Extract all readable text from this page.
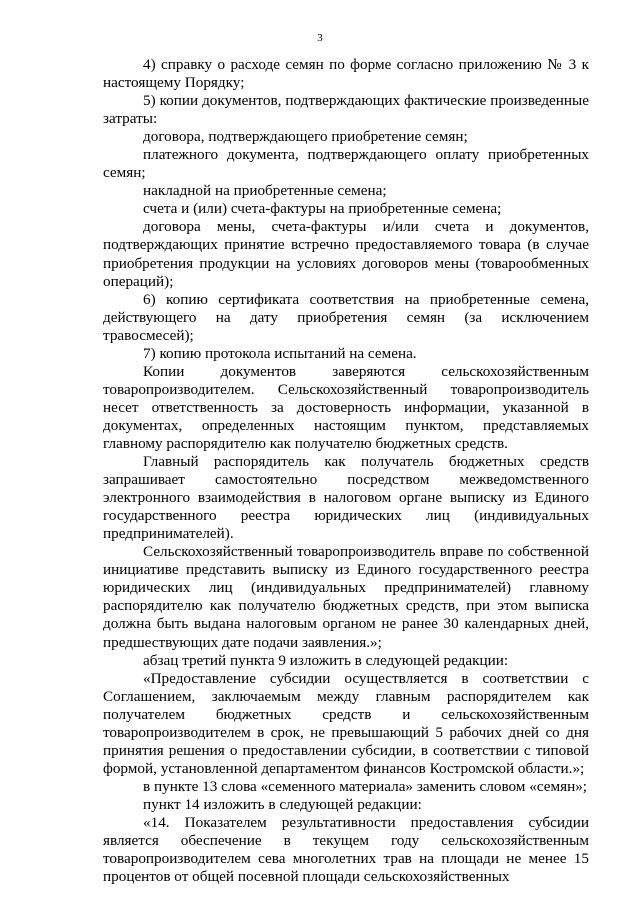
3

4) справку о расходе семян по форме согласно приложению № 3 к настоящему Порядку;

5) копии документов, подтверждающих фактические произведенные затраты:

договора, подтверждающего приобретение семян;

платежного документа, подтверждающего оплату приобретенных семян;

накладной на приобретенные семена;

счета и (или) счета-фактуры на приобретенные семена;

договора мены, счета-фактуры и/или счета и документов, подтверждающих принятие встречно предоставляемого товара (в случае приобретения продукции на условиях договоров мены (товарообменных операций);

6) копию сертификата соответствия на приобретенные семена, действующего на дату приобретения семян (за исключением травосмесей);

7) копию протокола испытаний на семена.

Копии документов заверяются сельскохозяйственным товаропроизводителем. Сельскохозяйственный товаропроизводитель несет ответственность за достоверность информации, указанной в документах, определенных настоящим пунктом, представляемых главному распорядителю как получателю бюджетных средств.

Главный распорядитель как получатель бюджетных средств запрашивает самостоятельно посредством межведомственного электронного взаимодействия в налоговом органе выписку из Единого государственного реестра юридических лиц (индивидуальных предпринимателей).

Сельскохозяйственный товаропроизводитель вправе по собственной инициативе представить выписку из Единого государственного реестра юридических лиц (индивидуальных предпринимателей) главному распорядителю как получателю бюджетных средств, при этом выписка должна быть выдана налоговым органом не ранее 30 календарных дней, предшествующих дате подачи заявления.»;

абзац третий пункта 9 изложить в следующей редакции:

«Предоставление субсидии осуществляется в соответствии с Соглашением, заключаемым между главным распорядителем как получателем бюджетных средств и сельскохозяйственным товаропроизводителем в срок, не превышающий 5 рабочих дней со дня принятия решения о предоставлении субсидии, в соответствии с типовой формой, установленной департаментом финансов Костромской области.»;

в пункте 13 слова «семенного материала» заменить словом «семян»;

пункт 14 изложить в следующей редакции:

«14. Показателем результативности предоставления субсидии является обеспечение в текущем году сельскохозяйственным товаропроизводителем сева многолетних трав на площади не менее 15 процентов от общей посевной площади сельскохозяйственных
